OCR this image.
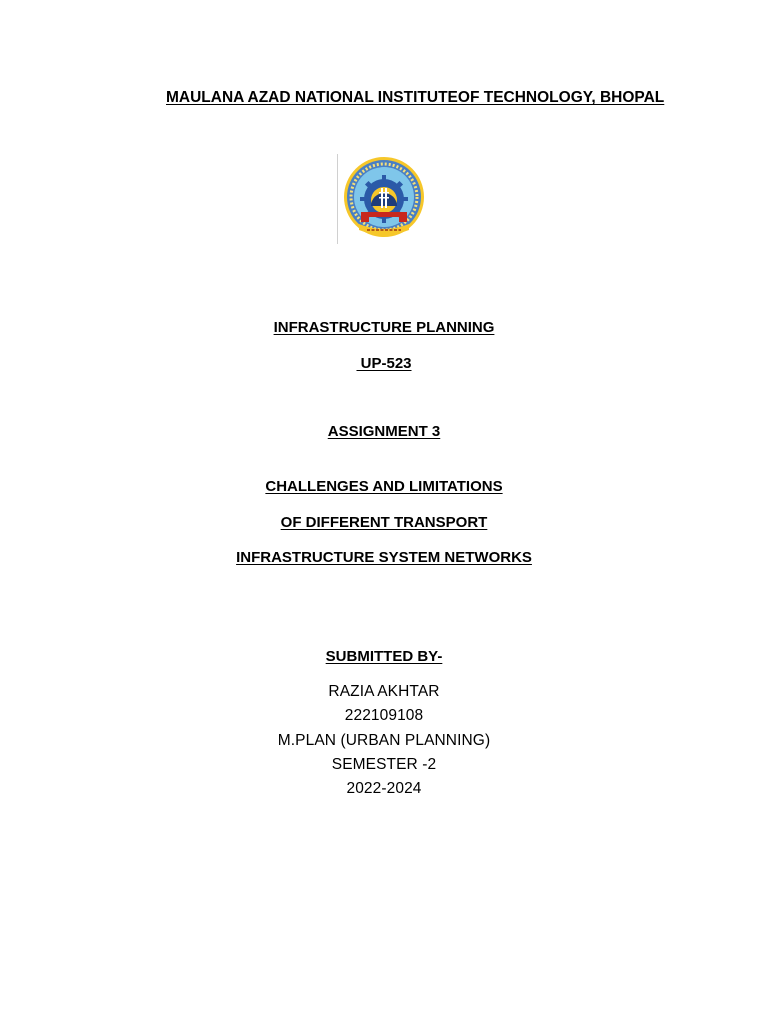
MAULANA AZAD NATIONAL INSTITUTEOF TECHNOLOGY, BHOPAL
INFRASTRUCTURE PLANNING
UP-523
ASSIGNMENT 3
CHALLENGES AND LIMITATIONS
OF DIFFERENT TRANSPORT
INFRASTRUCTURE SYSTEM NETWORKS
SUBMITTED BY-
RAZIA AKHTAR
222109108
M.PLAN (URBAN PLANNING)
SEMESTER -2
2022-2024
